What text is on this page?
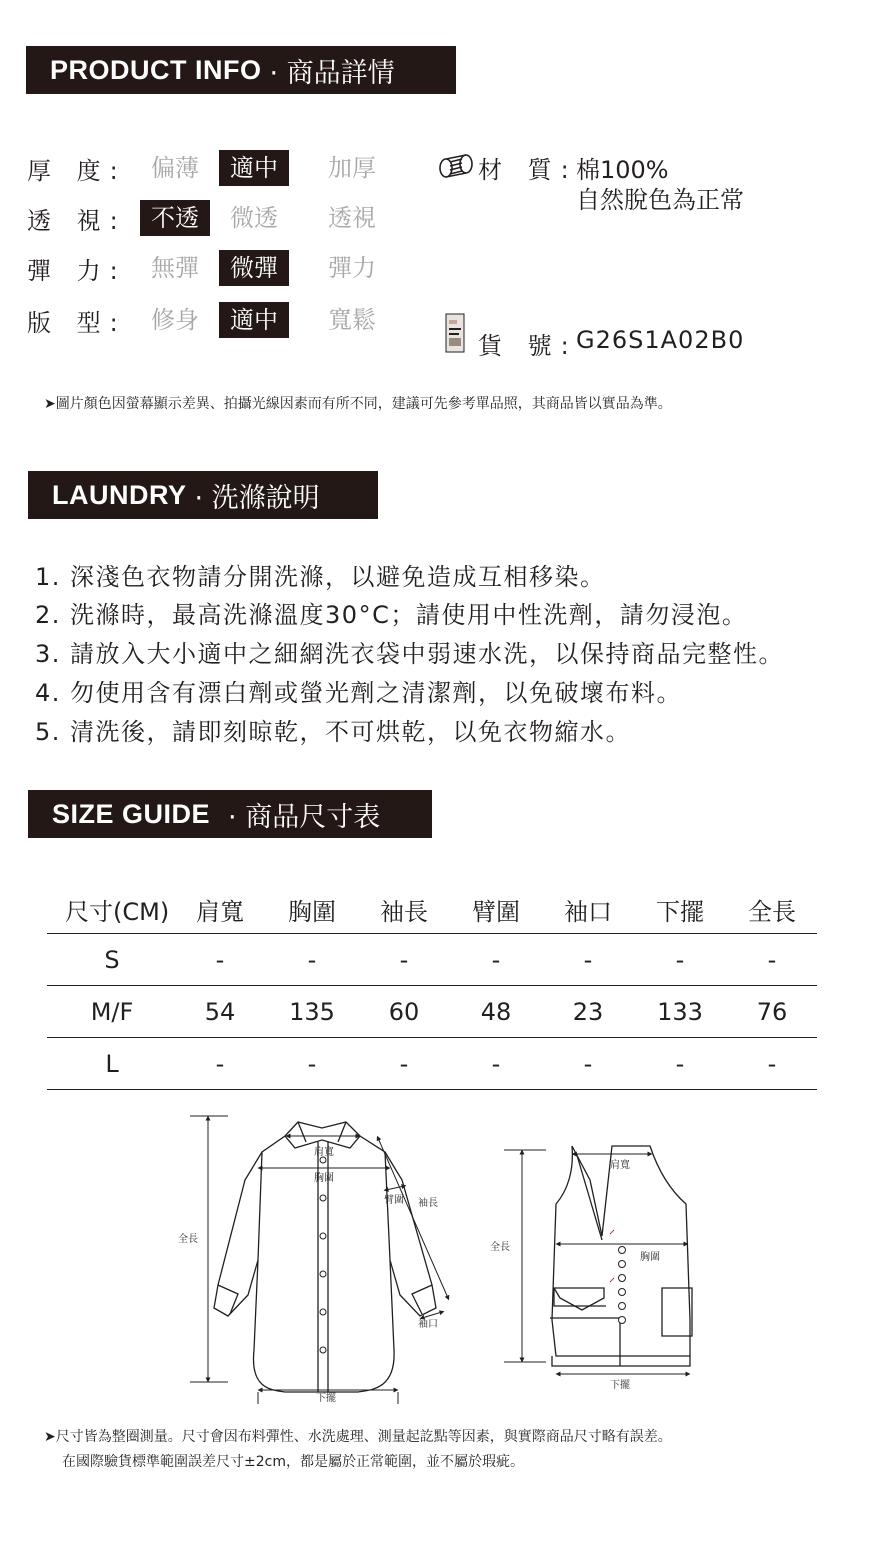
PRODUCT INFO · 商品詳情
厚 度:	偏薄	適中	加厚
透 視:	不透	微透	透視
彈 力:	無彈	微彈	彈力
版 型:	修身	適中	寬鬆
材 質:
棉100%
自然脫色為正常
貨 號:
G26S1A02B0
➤圖片顏色因螢幕顯示差異、拍攝光線因素而有所不同，建議可先參考單品照，其商品皆以實品為準。
LAUNDRY · 洗滌說明
1. 深淺色衣物請分開洗滌，以避免造成互相移染。
2. 洗滌時，最高洗滌溫度30°C；請使用中性洗劑，請勿浸泡。
3. 請放入大小適中之細網洗衣袋中弱速水洗，以保持商品完整性。
4. 勿使用含有漂白劑或螢光劑之清潔劑，以免破壞布料。
5. 清洗後，請即刻晾乾，不可烘乾，以免衣物縮水。
SIZE GUIDE · 商品尺寸表
尺寸(CM)	肩寬	胸圍	袖長	臂圍	袖口	下擺	全長
S	-	-	-	-	-	-	-
M/F	54	135	60	48	23	133	76
L	-	-	-	-	-	-	-
肩寬
胸圍
臂圍 袖長
全長
袖口
下擺
肩寬
胸圍
全長
下擺
➤尺寸皆為整圈測量。尺寸會因布料彈性、水洗處理、測量起訖點等因素，與實際商品尺寸略有誤差。
在國際驗貨標準範圍誤差尺寸±2cm，都是屬於正常範圍，並不屬於瑕疵。
